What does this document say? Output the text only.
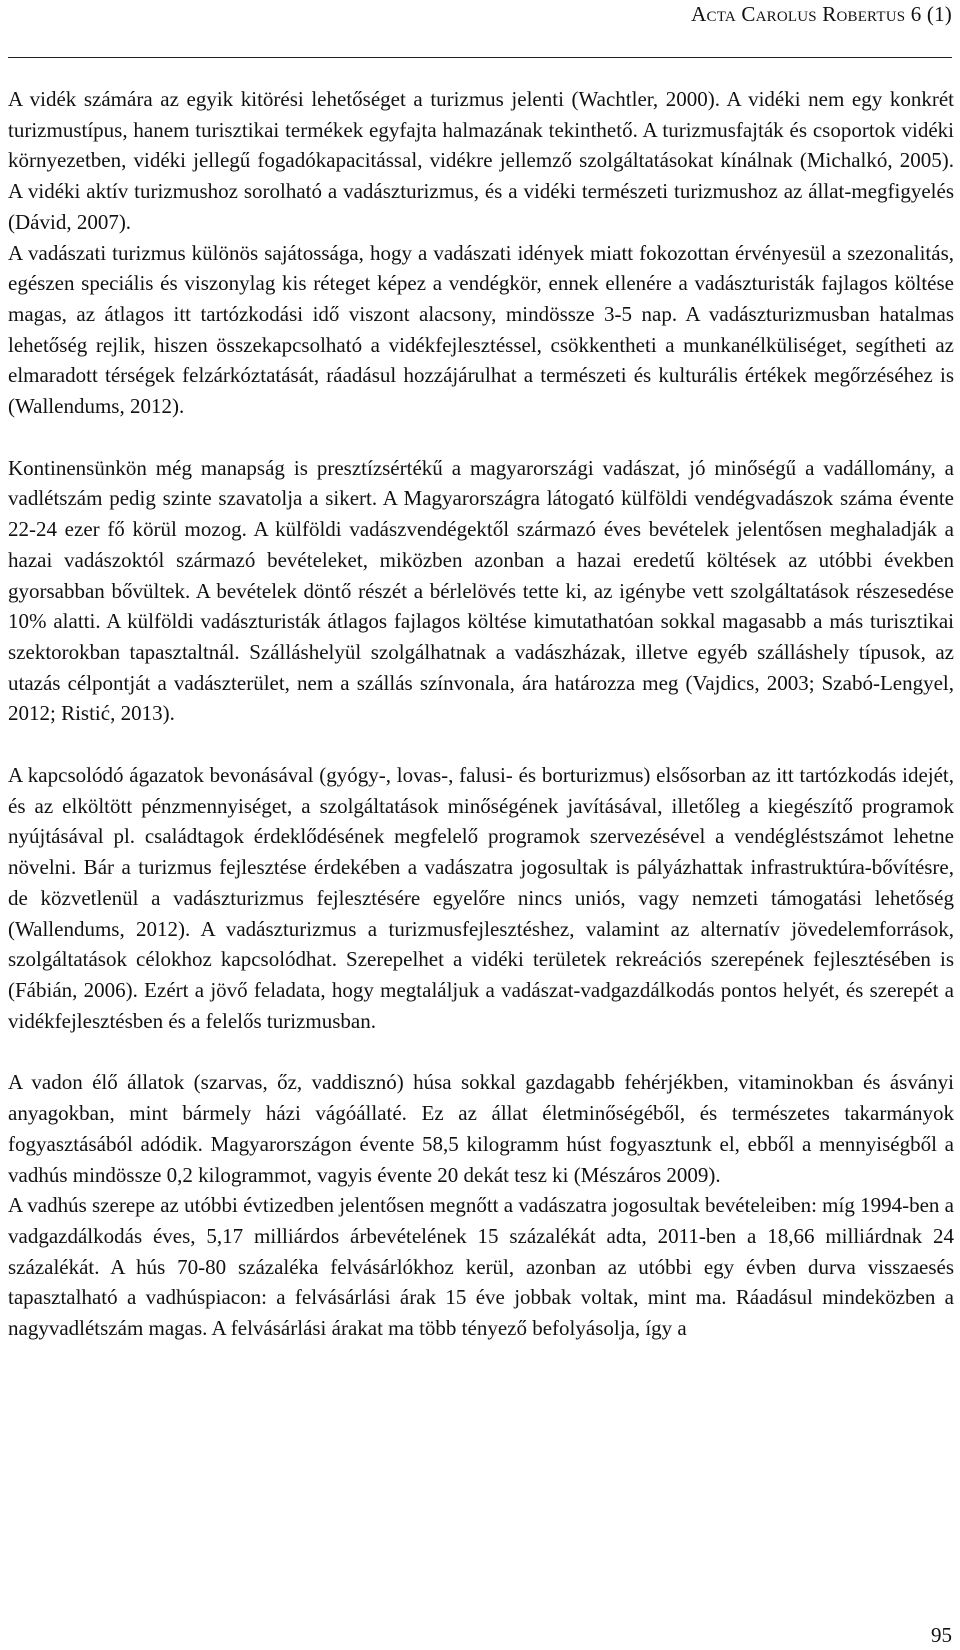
Acta Carolus Robertus 6 (1)

A vidék számára az egyik kitörési lehetőséget a turizmus jelenti (Wachtler, 2000). A vidéki nem egy konkrét turizmustípus, hanem turisztikai termékek egyfajta halmazának tekinthető. A turizmusfajták és csoportok vidéki környezetben, vidéki jellegű fogadókapacitással, vidékre jellemző szolgáltatásokat kínálnak (Michalkó, 2005). A vidéki aktív turizmushoz sorolható a vadászturizmus, és a vidéki természeti turizmushoz az állat-megfigyelés (Dávid, 2007).

A vadászati turizmus különös sajátossága, hogy a vadászati idények miatt fokozottan érvényesül a szezonalitás, egészen speciális és viszonylag kis réteget képez a vendégkör, ennek ellenére a vadászturisták fajlagos költése magas, az átlagos itt tartózkodási idő viszont alacsony, mindössze 3-5 nap. A vadászturizmusban hatalmas lehetőség rejlik, hiszen összekapcsolható a vidékfejlesztéssel, csökkentheti a munkanélküliséget, segítheti az elmaradott térségek felzárkóztatását, ráadásul hozzájárulhat a természeti és kulturális értékek megőrzéséhez is (Wallendums, 2012).

Kontinensünkön még manapság is presztízsértékű a magyarországi vadászat, jó minőségű a vadállomány, a vadlétszám pedig szinte szavatolja a sikert. A Magyarországra látogató külföldi vendégvadászok száma évente 22-24 ezer fő körül mozog. A külföldi vadászvendégektől származó éves bevételek jelentősen meghaladják a hazai vadászoktól származó bevételeket, miközben azonban a hazai eredetű költések az utóbbi években gyorsabban bővültek. A bevételek döntő részét a bérlelövés tette ki, az igénybe vett szolgáltatások részesedése 10% alatti. A külföldi vadászturisták átlagos fajlagos költése kimutathatóan sokkal magasabb a más turisztikai szektorokban tapasztaltnál. Szálláshelyül szolgálhatnak a vadászházak, illetve egyéb szálláshely típusok, az utazás célpontját a vadászterület, nem a szállás színvonala, ára határozza meg (Vajdics, 2003; Szabó-Lengyel, 2012; Ristić, 2013).

A kapcsolódó ágazatok bevonásával (gyógy-, lovas-, falusi- és borturizmus) elsősorban az itt tartózkodás idejét, és az elköltött pénzmennyiséget, a szolgáltatások minőségének javításával, illetőleg a kiegészítő programok nyújtásával pl. családtagok érdeklődésének megfelelő programok szervezésével a vendégléstszámot lehetne növelni. Bár a turizmus fejlesztése érdekében a vadászatra jogosultak is pályázhattak infrastruktúra-bővítésre, de közvetlenül a vadászturizmus fejlesztésére egyelőre nincs uniós, vagy nemzeti támogatási lehetőség (Wallendums, 2012). A vadászturizmus a turizmusfejlesztéshez, valamint az alternatív jövedelemforrások, szolgáltatások célokhoz kapcsolódhat. Szerepelhet a vidéki területek rekreációs szerepének fejlesztésében is (Fábián, 2006). Ezért a jövő feladata, hogy megtaláljuk a vadászat-vadgazdálkodás pontos helyét, és szerepét a vidékfejlesztésben és a felelős turizmusban.

A vadon élő állatok (szarvas, őz, vaddisznó) húsa sokkal gazdagabb fehérjékben, vitaminokban és ásványi anyagokban, mint bármely házi vágóállaté. Ez az állat életminőségéből, és természetes takarmányok fogyasztásából adódik. Magyarországon évente 58,5 kilogramm húst fogyasztunk el, ebből a mennyiségből a vadhús mindössze 0,2 kilogrammot, vagyis évente 20 dekát tesz ki (Mészáros 2009).

A vadhús szerepe az utóbbi évtizedben jelentősen megnőtt a vadászatra jogosultak bevételeiben: míg 1994-ben a vadgazdálkodás éves, 5,17 milliárdos árbevételének 15 százalékát adta, 2011-ben a 18,66 milliárdnak 24 százalékát. A hús 70-80 százaléka felvásárlókhoz kerül, azonban az utóbbi egy évben durva visszaesés tapasztalható a vadhúspiacon: a felvásárlási árak 15 éve jobbak voltak, mint ma. Ráadásul mindeközben a nagyvadlétszám magas. A felvásárlási árakat ma több tényező befolyásolja, így a

95
